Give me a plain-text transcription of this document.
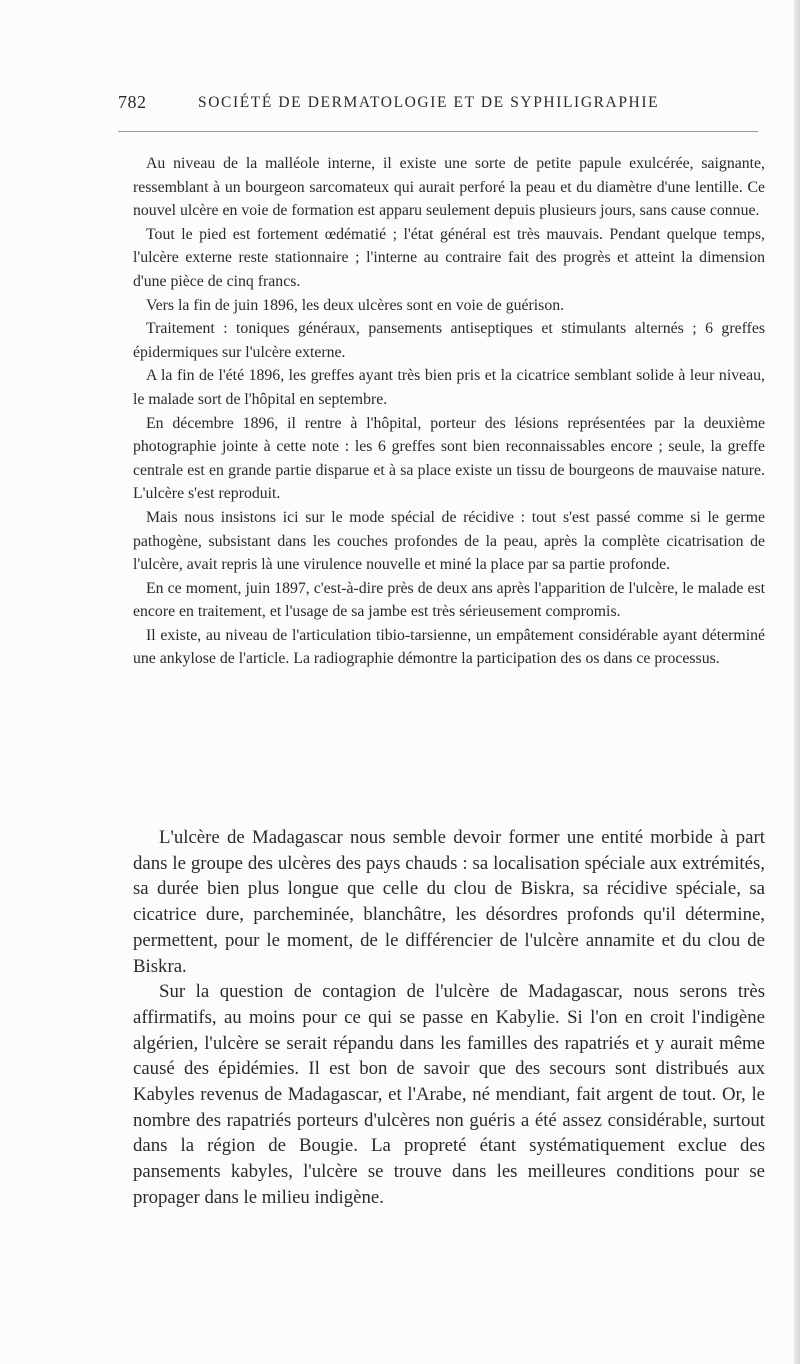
782	SOCIÉTÉ DE DERMATOLOGIE ET DE SYPHILIGRAPHIE

Au niveau de la malléole interne, il existe une sorte de petite papule exulcérée, saignante, ressemblant à un bourgeon sarcomateux qui aurait perforé la peau et du diamètre d'une lentille. Ce nouvel ulcère en voie de formation est apparu seulement depuis plusieurs jours, sans cause connue.

Tout le pied est fortement œdématié ; l'état général est très mauvais. Pendant quelque temps, l'ulcère externe reste stationnaire ; l'interne au contraire fait des progrès et atteint la dimension d'une pièce de cinq francs.

Vers la fin de juin 1896, les deux ulcères sont en voie de guérison.

Traitement : toniques généraux, pansements antiseptiques et stimulants alternés ; 6 greffes épidermiques sur l'ulcère externe.

A la fin de l'été 1896, les greffes ayant très bien pris et la cicatrice semblant solide à leur niveau, le malade sort de l'hôpital en septembre.

En décembre 1896, il rentre à l'hôpital, porteur des lésions représentées par la deuxième photographie jointe à cette note : les 6 greffes sont bien reconnaissables encore ; seule, la greffe centrale est en grande partie disparue et à sa place existe un tissu de bourgeons de mauvaise nature. L'ulcère s'est reproduit.

Mais nous insistons ici sur le mode spécial de récidive : tout s'est passé comme si le germe pathogène, subsistant dans les couches profondes de la peau, après la complète cicatrisation de l'ulcère, avait repris là une virulence nouvelle et miné la place par sa partie profonde.

En ce moment, juin 1897, c'est-à-dire près de deux ans après l'apparition de l'ulcère, le malade est encore en traitement, et l'usage de sa jambe est très sérieusement compromis.

Il existe, au niveau de l'articulation tibio-tarsienne, un empâtement considérable ayant déterminé une ankylose de l'article. La radiographie démontre la participation des os dans ce processus.

L'ulcère de Madagascar nous semble devoir former une entité morbide à part dans le groupe des ulcères des pays chauds : sa localisation spéciale aux extrémités, sa durée bien plus longue que celle du clou de Biskra, sa récidive spéciale, sa cicatrice dure, parcheminée, blanchâtre, les désordres profonds qu'il détermine, permettent, pour le moment, de le différencier de l'ulcère annamite et du clou de Biskra.

Sur la question de contagion de l'ulcère de Madagascar, nous serons très affirmatifs, au moins pour ce qui se passe en Kabylie. Si l'on en croit l'indigène algérien, l'ulcère se serait répandu dans les familles des rapatriés et y aurait même causé des épidémies. Il est bon de savoir que des secours sont distribués aux Kabyles revenus de Madagascar, et l'Arabe, né mendiant, fait argent de tout. Or, le nombre des rapatriés porteurs d'ulcères non guéris a été assez considérable, surtout dans la région de Bougie. La propreté étant systématiquement exclue des pansements kabyles, l'ulcère se trouve dans les meilleures conditions pour se propager dans le milieu indigène.
